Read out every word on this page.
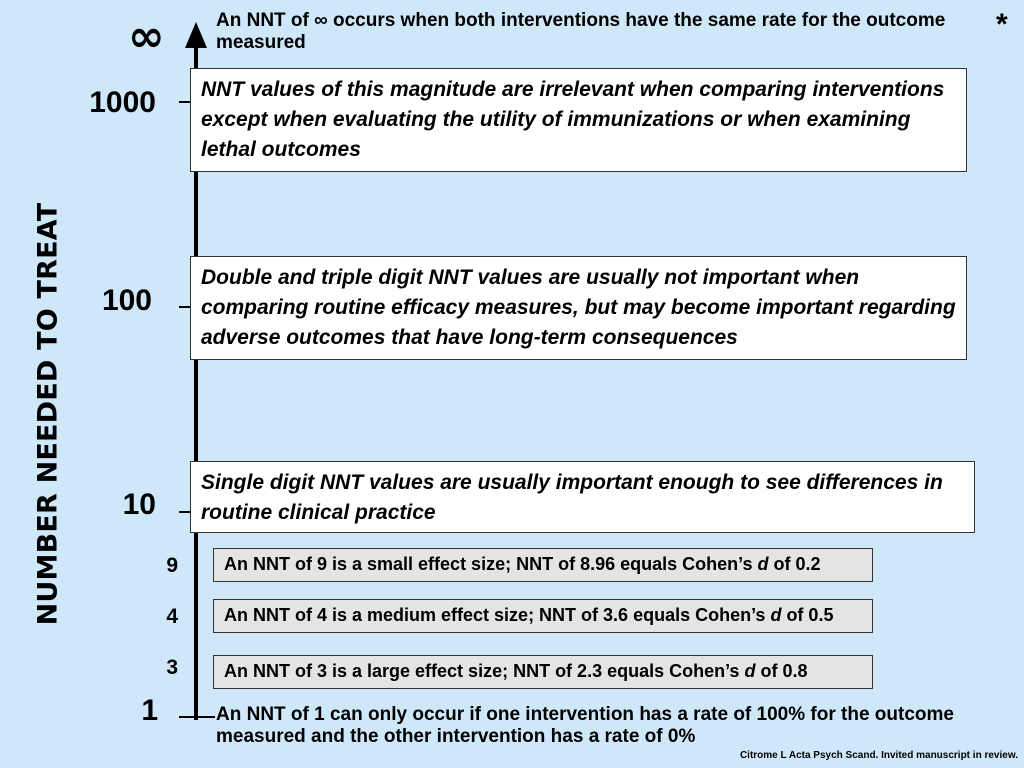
∞
NUMBER NEEDED TO TREAT
1000
100
10
1
9
4
3
An NNT of ∞ occurs when both interventions have the same rate for the outcome measured
*
NNT values of this magnitude are irrelevant when comparing interventions except when evaluating the utility of immunizations or when examining lethal outcomes
Double and triple digit NNT values are usually not important when comparing routine efficacy measures, but may become important regarding adverse outcomes that have long-term consequences
Single digit NNT values are usually important enough to see differences in routine clinical practice
An NNT of 9 is a small effect size; NNT of 8.96 equals Cohen’s d of 0.2
An NNT of 4 is a medium effect size; NNT of 3.6 equals Cohen’s d of 0.5
An NNT of 3 is a large effect size; NNT of 2.3 equals Cohen’s d of 0.8
An NNT of 1 can only occur if one intervention has a rate of 100% for the outcome measured and the other intervention has a rate of 0%
Citrome L Acta Psych Scand. Invited manuscript in review.
